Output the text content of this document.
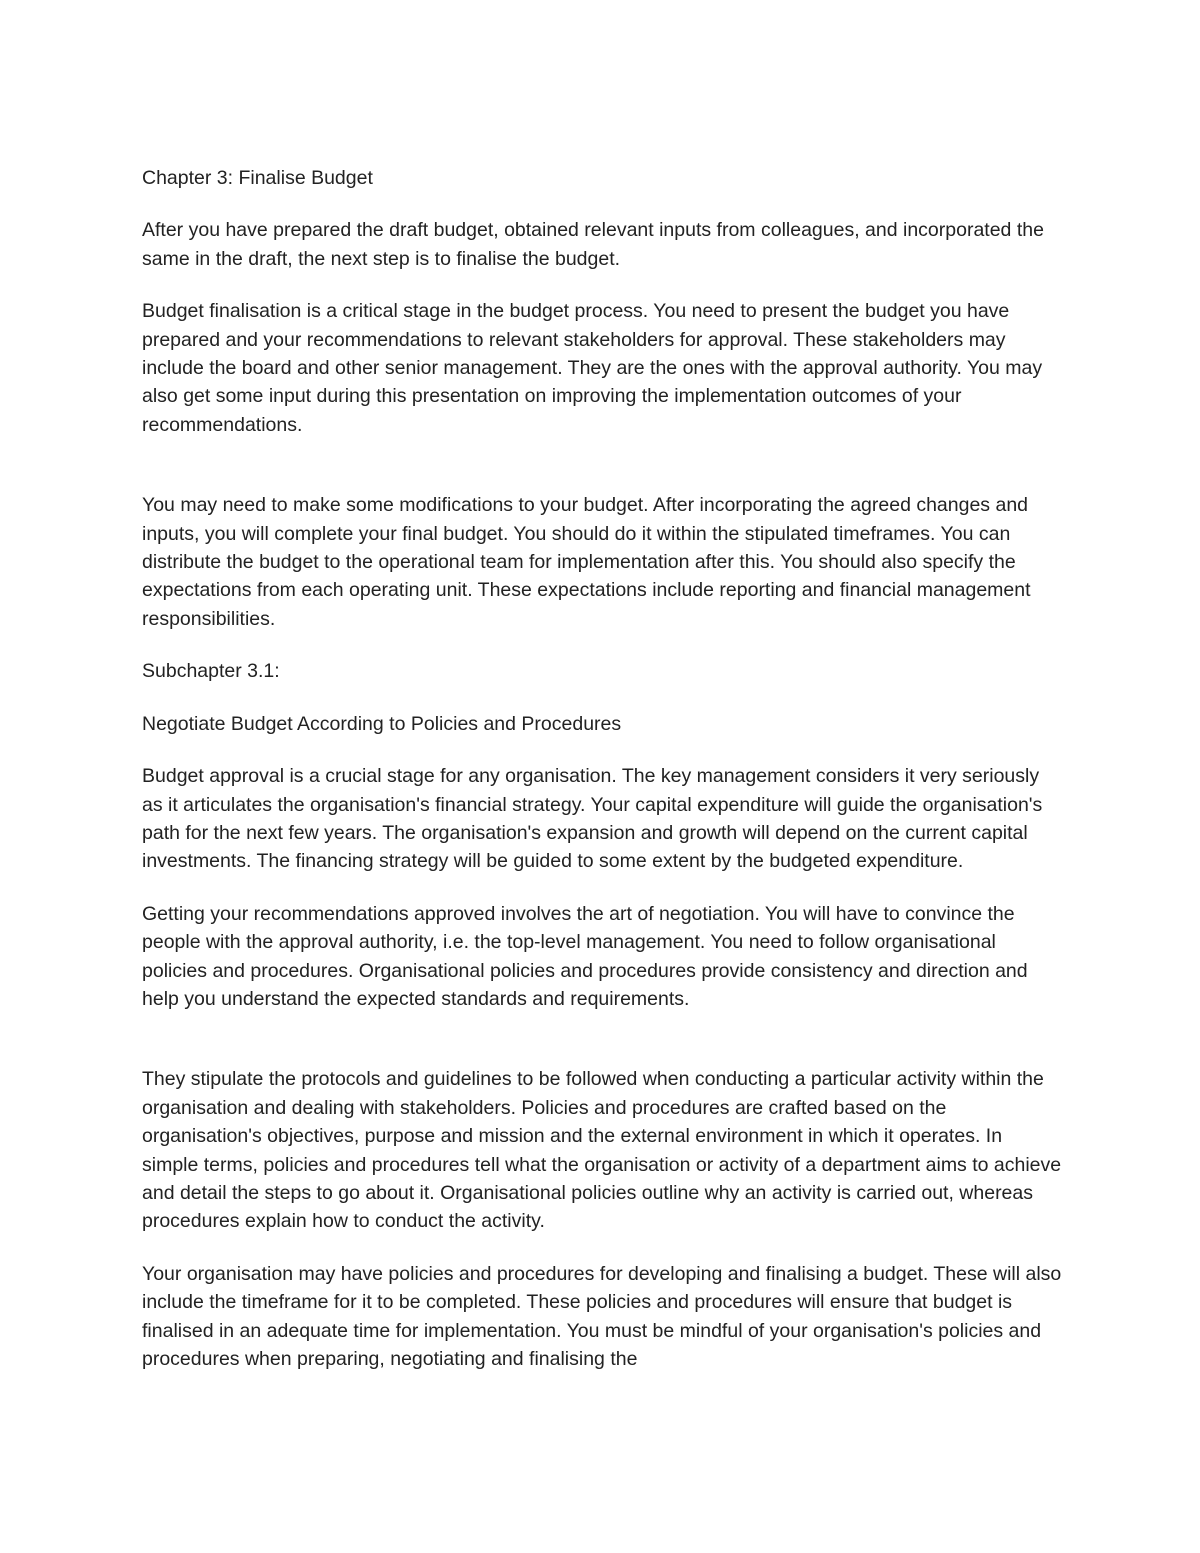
Chapter 3: Finalise Budget

After you have prepared the draft budget, obtained relevant inputs from colleagues, and incorporated the same in the draft, the next step is to finalise the budget.

Budget finalisation is a critical stage in the budget process. You need to present the budget you have prepared and your recommendations to relevant stakeholders for approval. These stakeholders may include the board and other senior management. They are the ones with the approval authority. You may also get some input during this presentation on improving the implementation outcomes of your recommendations.

You may need to make some modifications to your budget. After incorporating the agreed changes and inputs, you will complete your final budget. You should do it within the stipulated timeframes. You can distribute the budget to the operational team for implementation after this. You should also specify the expectations from each operating unit. These expectations include reporting and financial management responsibilities.

Subchapter 3.1:

Negotiate Budget According to Policies and Procedures

Budget approval is a crucial stage for any organisation. The key management considers it very seriously as it articulates the organisation's financial strategy. Your capital expenditure will guide the organisation's path for the next few years. The organisation's expansion and growth will depend on the current capital investments. The financing strategy will be guided to some extent by the budgeted expenditure.

Getting your recommendations approved involves the art of negotiation. You will have to convince the people with the approval authority, i.e. the top-level management. You need to follow organisational policies and procedures. Organisational policies and procedures provide consistency and direction and help you understand the expected standards and requirements.

They stipulate the protocols and guidelines to be followed when conducting a particular activity within the organisation and dealing with stakeholders. Policies and procedures are crafted based on the organisation's objectives, purpose and mission and the external environment in which it operates. In simple terms, policies and procedures tell what the organisation or activity of a department aims to achieve and detail the steps to go about it. Organisational policies outline why an activity is carried out, whereas procedures explain how to conduct the activity.

Your organisation may have policies and procedures for developing and finalising a budget. These will also include the timeframe for it to be completed. These policies and procedures will ensure that budget is finalised in an adequate time for implementation. You must be mindful of your organisation's policies and procedures when preparing, negotiating and finalising the
